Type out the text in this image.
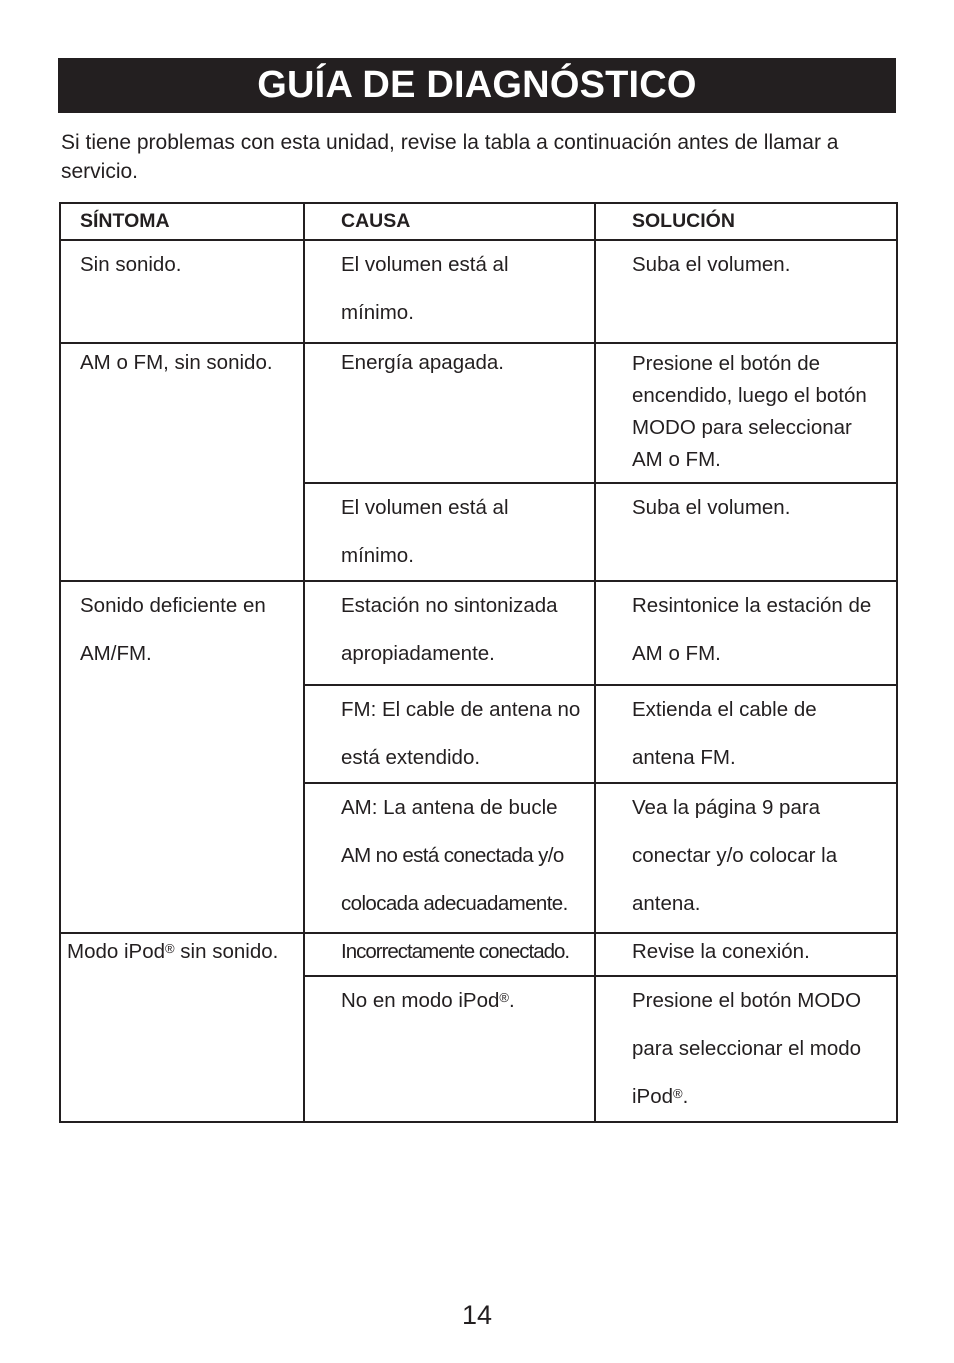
GUÍA DE DIAGNÓSTICO

Si tiene problemas con esta unidad, revise la tabla a continuación antes de llamar a servicio.

SÍNTOMA	CAUSA	SOLUCIÓN
Sin sonido.	El volumen está al mínimo.	Suba el volumen.
AM o FM, sin sonido.	Energía apagada.	Presione el botón de encendido, luego el botón MODO para seleccionar AM o FM.

	El volumen está al mínimo.	Suba el volumen.

Sonido deficiente en AM/FM.	Estación no sintonizada apropiadamente.	Resintonice la estación de AM o FM.

	FM: El cable de antena no está extendido.	Extienda el cable de antena FM.

	AM: La antena de bucle
AM no está conectada y/o
colocada adecuadamente.	Vea la página 9 para conectar y/o colocar la antena.

Modo iPod® sin sonido.	Incorrectamente conectado.	Revise la conexión.
	No en modo iPod®.	Presione el botón MODO para seleccionar el modo iPod®.
14
